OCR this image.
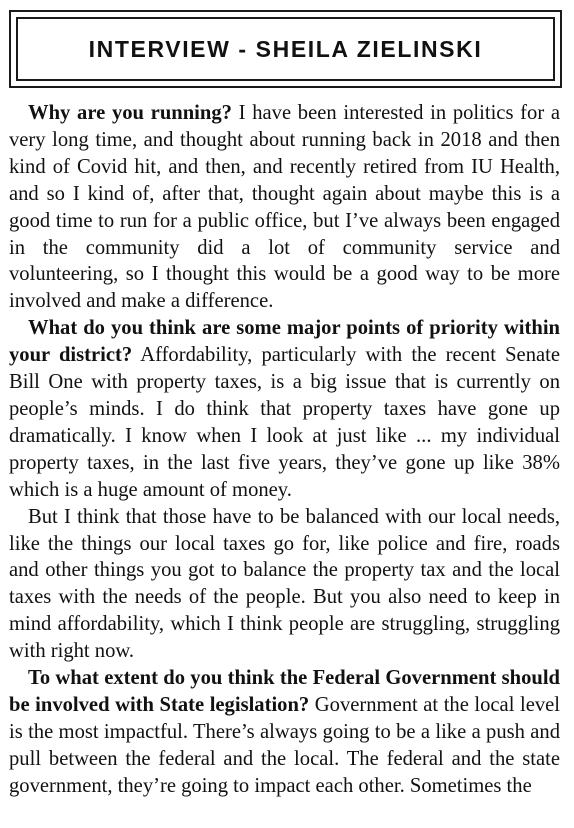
INTERVIEW - SHEILA ZIELINSKI

Why are you running? I have been interested in politics for a very long time, and thought about running back in 2018 and then kind of Covid hit, and then, and recently retired from IU Health, and so I kind of, after that, thought again about maybe this is a good time to run for a public office, but I’ve always been engaged in the community did a lot of community service and volunteering, so I thought this would be a good way to be more involved and make a difference.

What do you think are some major points of priority within your district? Affordability, particularly with the recent Senate Bill One with property taxes, is a big issue that is currently on people’s minds. I do think that property taxes have gone up dramatically. I know when I look at just like ... my individual property taxes, in the last five years, they’ve gone up like 38% which is a huge amount of money.

But I think that those have to be balanced with our local needs, like the things our local taxes go for, like police and fire, roads and other things you got to balance the property tax and the local taxes with the needs of the people. But you also need to keep in mind affordability, which I think people are struggling, struggling with right now.

To what extent do you think the Federal Government should be involved with State legislation? Government at the local level is the most impactful. There’s always going to be a like a push and pull between the federal and the local. The federal and the state government, they’re going to impact each other. Sometimes the
